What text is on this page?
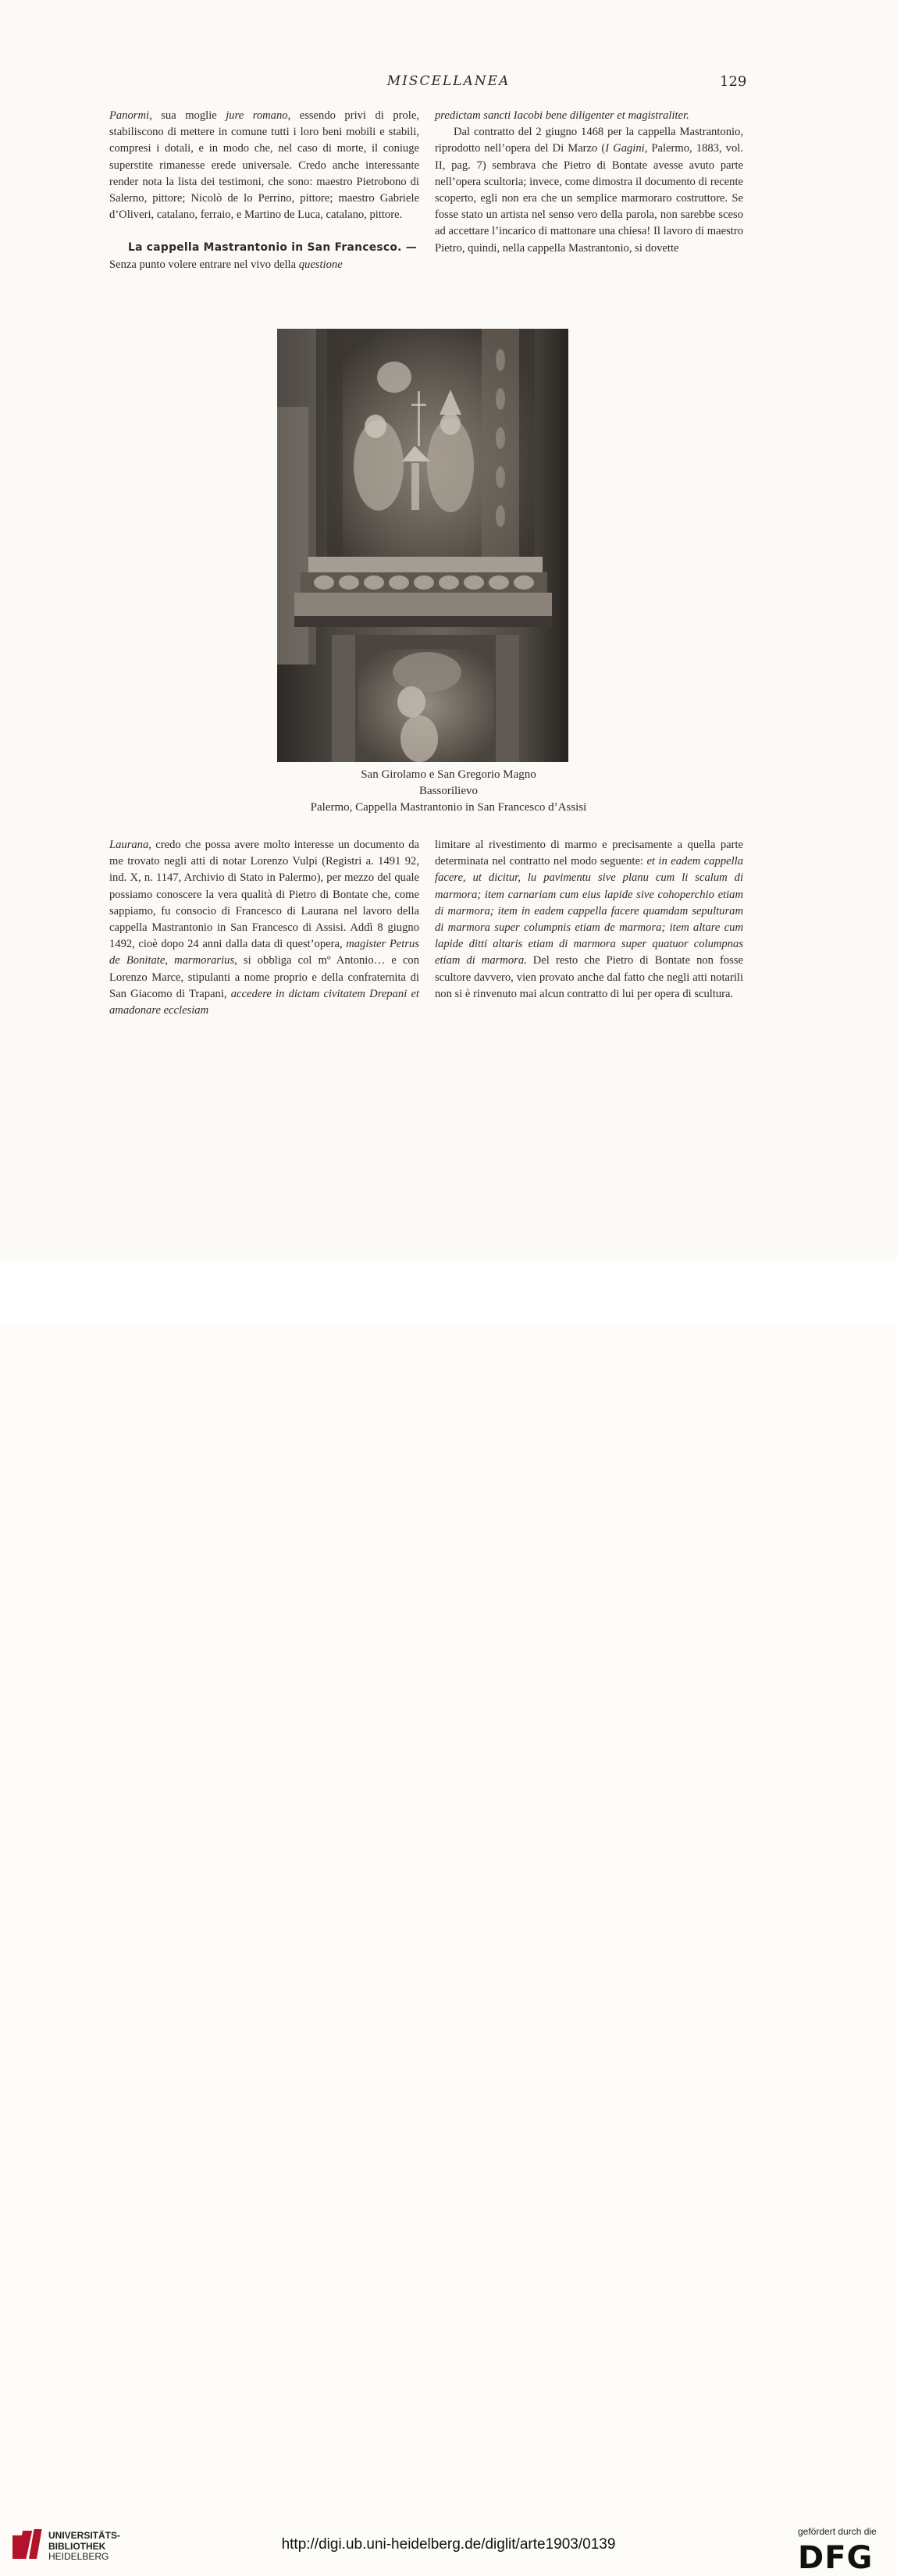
MISCELLANEA	129

Panormi, sua moglie jure romano, essendo privi di prole, stabiliscono di mettere in comune tutti i loro beni mobili e stabili, compresi i dotali, e in modo che, nel caso di morte, il coniuge superstite rimanesse erede universale. Credo anche interessante render nota la lista dei testimoni, che sono: maestro Pietrobono di Salerno, pittore; Nicolò de lo Perrino, pittore; maestro Gabriele d’Oliveri, catalano, ferraio, e Martino de Luca, catalano, pittore.

La cappella Mastrantonio in San Francesco. —

Senza punto volere entrare nel vivo della questione

predictam sancti Iacobi bene diligenter et magistraliter.

Dal contratto del 2 giugno 1468 per la cappella Mastrantonio, riprodotto nell’opera del Di Marzo (I Gagini, Palermo, 1883, vol. II, pag. 7) sembrava che Pietro di Bontate avesse avuto parte nell’opera scultoria; invece, come dimostra il documento di recente scoperto, egli non era che un semplice marmoraro costruttore. Se fosse stato un artista nel senso vero della parola, non sarebbe sceso ad accettare l’incarico di mattonare una chiesa! Il lavoro di maestro Pietro, quindi, nella cappella Mastrantonio, si dovette

San Girolamo e San Gregorio Magno
Bassorilievo
Palermo, Cappella Mastrantonio in San Francesco d’Assisi

Laurana, credo che possa avere molto interesse un documento da me trovato negli atti di notar Lorenzo Vulpi (Registri a. 1491 92, ind. X, n. 1147, Archivio di Stato in Palermo), per mezzo del quale possiamo conoscere la vera qualità di Pietro di Bontate che, come sappiamo, fu consocio di Francesco di Laurana nel lavoro della cappella Mastrantonio in San Francesco di Assisi. Addì 8 giugno 1492, cioè dopo 24 anni dalla data di quest’opera, magister Petrus de Bonitate, marmorarius, si obbliga col mº Antonio… e con Lorenzo Marce, stipulanti a nome proprio e della confraternita di San Giacomo di Trapani, accedere in dictam civitatem Drepani et amadonare ecclesiam

limitare al rivestimento di marmo e precisamente a quella parte determinata nel contratto nel modo seguente: et in eadem cappella facere, ut dicitur, lu pavimentu sive planu cum li scalum di marmora; item carnariam cum eius lapide sive cohoperchio etiam di marmora; item in eadem cappella facere quamdam sepulturam di marmora super columpnis etiam de marmora; item altare cum lapide ditti altaris etiam di marmora super quatuor columpnas etiam di marmora. Del resto che Pietro di Bontate non fosse scultore davvero, vien provato anche dal fatto che negli atti notarili non si è rinvenuto mai alcun contratto di lui per opera di scultura.

UNIVERSITÄTS-
BIBLIOTHEK
HEIDELBERG
http://digi.ub.uni-heidelberg.de/diglit/arte1903/0139
gefördert durch die
DFG
